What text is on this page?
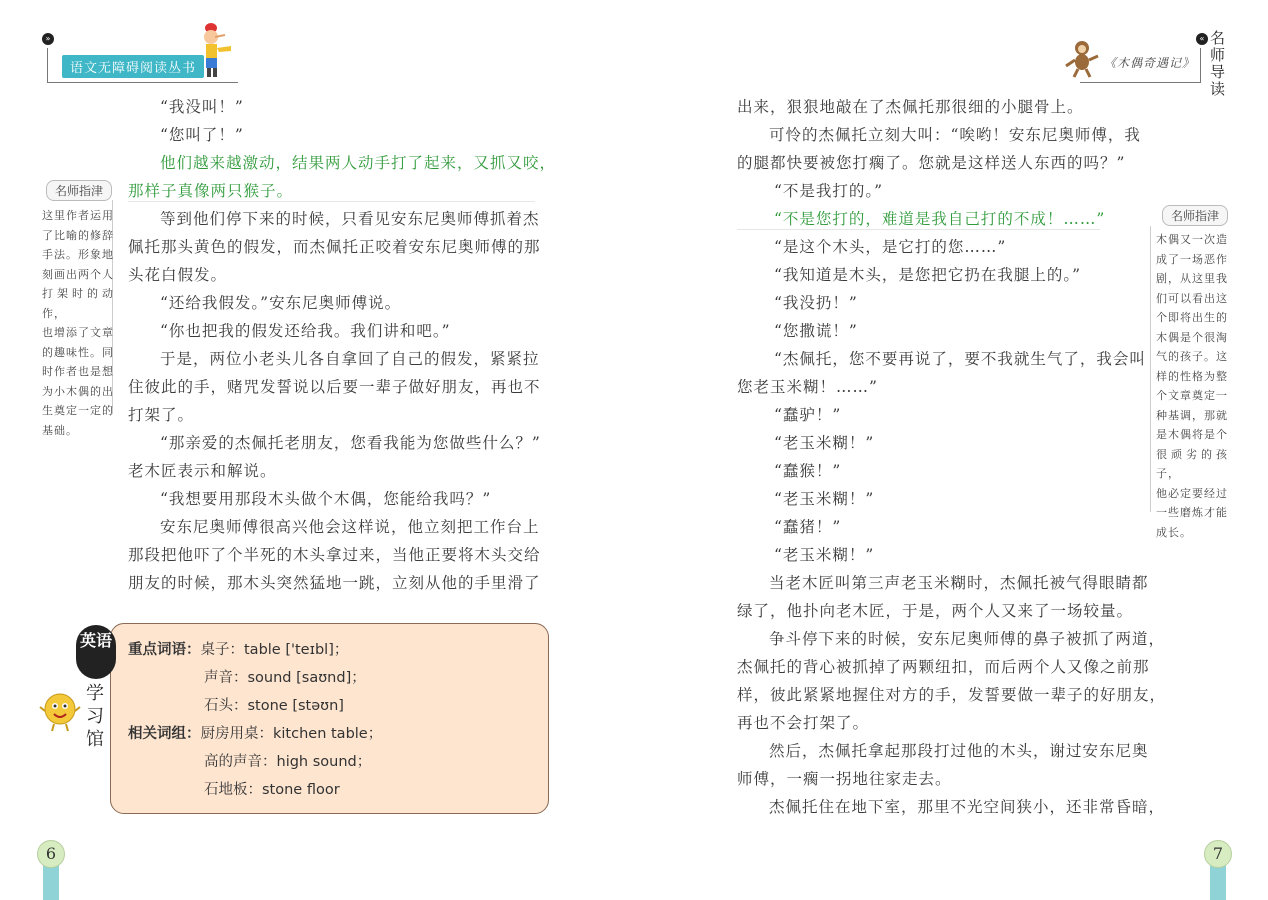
»
语文无障碍阅读丛书
“我没叫！”
“您叫了！”
他们越来越激动，结果两人动手打了起来，又抓又咬，
那样子真像两只猴子。
等到他们停下来的时候，只看见安东尼奥师傅抓着杰
佩托那头黄色的假发，而杰佩托正咬着安东尼奥师傅的那
头花白假发。
“还给我假发。”安东尼奥师傅说。
“你也把我的假发还给我。我们讲和吧。”
于是，两位小老头儿各自拿回了自己的假发，紧紧拉
住彼此的手，赌咒发誓说以后要一辈子做好朋友，再也不
打架了。
“那亲爱的杰佩托老朋友，您看我能为您做些什么？”
老木匠表示和解说。
“我想要用那段木头做个木偶，您能给我吗？”
安东尼奥师傅很高兴他会这样说，他立刻把工作台上
那段把他吓了个半死的木头拿过来，当他正要将木头交给
朋友的时候，那木头突然猛地一跳，立刻从他的手里滑了
名师指津
这里作者运用
了比喻的修辞
手法。形象地
刻画出两个人
打架时的动作，
也增添了文章
的趣味性。同
时作者也是想
为小木偶的出
生奠定一定的
基础。
英语
学习馆
重点词语：桌子：table ['teɪbl]；
声音：sound [saʊnd]；
石头：stone [stəʊn]
相关词组：厨房用桌：kitchen table；
高的声音：high sound；
石地板：stone floor
6
《木偶奇遇记》
« 名师导读
出来，狠狠地敲在了杰佩托那很细的小腿骨上。
可怜的杰佩托立刻大叫：“唉哟！安东尼奥师傅，我
的腿都快要被您打瘸了。您就是这样送人东西的吗？”
“不是我打的。”
“不是您打的，难道是我自己打的不成！……”
“是这个木头，是它打的您……”
“我知道是木头，是您把它扔在我腿上的。”
“我没扔！”
“您撒谎！”
“杰佩托，您不要再说了，要不我就生气了，我会叫
您老玉米糊！……”
“蠢驴！”
“老玉米糊！”
“蠢猴！”
“老玉米糊！”
“蠢猪！”
“老玉米糊！”
当老木匠叫第三声老玉米糊时，杰佩托被气得眼睛都
绿了，他扑向老木匠，于是，两个人又来了一场较量。
争斗停下来的时候，安东尼奥师傅的鼻子被抓了两道，
杰佩托的背心被抓掉了两颗纽扣，而后两个人又像之前那
样，彼此紧紧地握住对方的手，发誓要做一辈子的好朋友，
再也不会打架了。
然后，杰佩托拿起那段打过他的木头，谢过安东尼奥
师傅，一瘸一拐地往家走去。
杰佩托住在地下室，那里不光空间狭小，还非常昏暗，
名师指津
木偶又一次造
成了一场恶作
剧，从这里我
们可以看出这
个即将出生的
木偶是个很淘
气的孩子。这
样的性格为整
个文章奠定一
种基调，那就
是木偶将是个
很顽劣的孩子，
他必定要经过
一些磨炼才能
成长。
7
